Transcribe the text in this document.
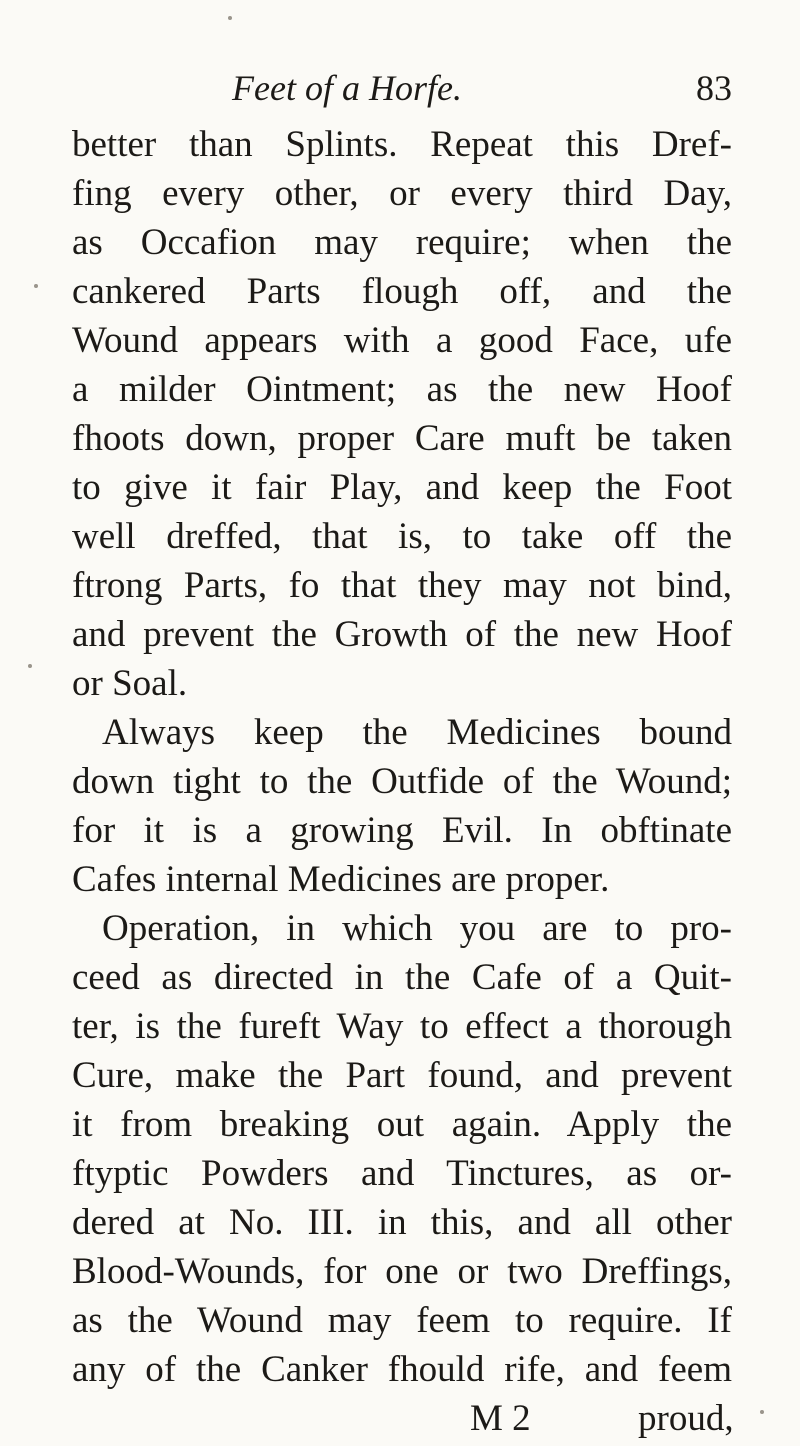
Feet of a Horfe.	83
better than Splints. Repeat this Dref-
fing every other, or every third Day,
as Occafion may require; when the
cankered Parts flough off, and the
Wound appears with a good Face, ufe
a milder Ointment; as the new Hoof
fhoots down, proper Care muft be taken
to give it fair Play, and keep the Foot
well dreffed, that is, to take off the
ftrong Parts, fo that they may not bind,
and prevent the Growth of the new Hoof
or Soal.
Always keep the Medicines bound
down tight to the Outfide of the Wound;
for it is a growing Evil. In obftinate
Cafes internal Medicines are proper.
Operation, in which you are to pro-
ceed as directed in the Cafe of a Quit-
ter, is the fureft Way to effect a thorough
Cure, make the Part found, and prevent
it from breaking out again. Apply the
ftyptic Powders and Tinctures, as or-
dered at No. III. in this, and all other
Blood-Wounds, for one or two Dreffings,
as the Wound may feem to require. If
any of the Canker fhould rife, and feem
M 2	proud,
